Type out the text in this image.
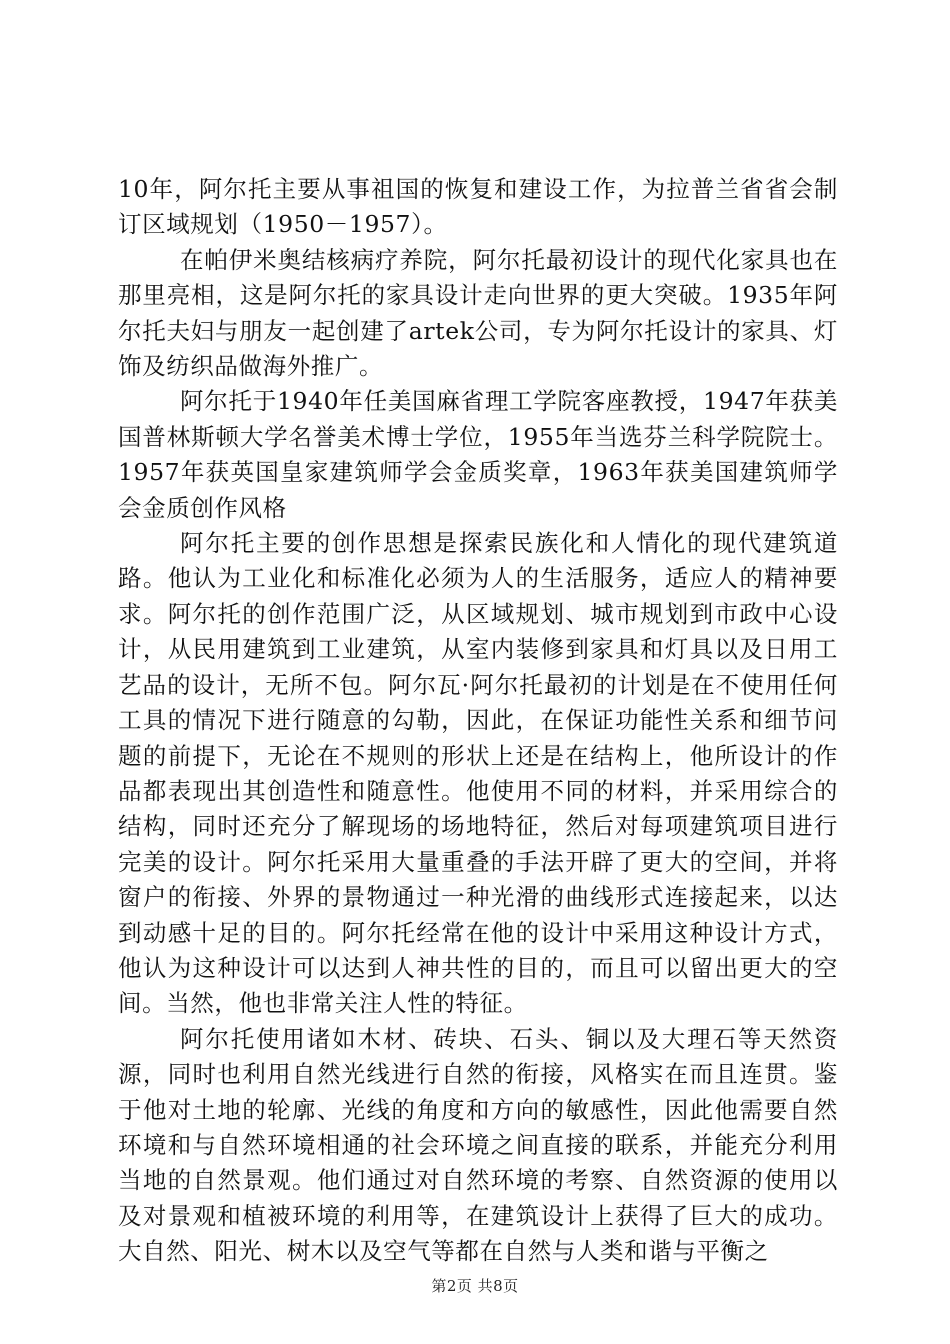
10年，阿尔托主要从事祖国的恢复和建设工作，为拉普兰省省会制订区域规划（1950－1957）。

在帕伊米奥结核病疗养院，阿尔托最初设计的现代化家具也在那里亮相，这是阿尔托的家具设计走向世界的更大突破。1935年阿尔托夫妇与朋友一起创建了artek公司，专为阿尔托设计的家具、灯饰及纺织品做海外推广。

阿尔托于1940年任美国麻省理工学院客座教授，1947年获美国普林斯顿大学名誉美术博士学位，1955年当选芬兰科学院院士。1957年获英国皇家建筑师学会金质奖章，1963年获美国建筑师学会金质创作风格

阿尔托主要的创作思想是探索民族化和人情化的现代建筑道路。他认为工业化和标准化必须为人的生活服务，适应人的精神要求。阿尔托的创作范围广泛，从区域规划、城市规划到市政中心设计，从民用建筑到工业建筑，从室内装修到家具和灯具以及日用工艺品的设计，无所不包。阿尔瓦·阿尔托最初的计划是在不使用任何工具的情况下进行随意的勾勒，因此，在保证功能性关系和细节问题的前提下，无论在不规则的形状上还是在结构上，他所设计的作品都表现出其创造性和随意性。他使用不同的材料，并采用综合的结构，同时还充分了解现场的场地特征，然后对每项建筑项目进行完美的设计。阿尔托采用大量重叠的手法开辟了更大的空间，并将窗户的衔接、外界的景物通过一种光滑的曲线形式连接起来，以达到动感十足的目的。阿尔托经常在他的设计中采用这种设计方式，他认为这种设计可以达到人神共性的目的，而且可以留出更大的空间。当然，他也非常关注人性的特征。

阿尔托使用诸如木材、砖块、石头、铜以及大理石等天然资源，同时也利用自然光线进行自然的衔接，风格实在而且连贯。鉴于他对土地的轮廓、光线的角度和方向的敏感性，因此他需要自然环境和与自然环境相通的社会环境之间直接的联系，并能充分利用当地的自然景观。他们通过对自然环境的考察、自然资源的使用以及对景观和植被环境的利用等，在建筑设计上获得了巨大的成功。大自然、阳光、树木以及空气等都在自然与人类和谐与平衡之

第2页 共8页
